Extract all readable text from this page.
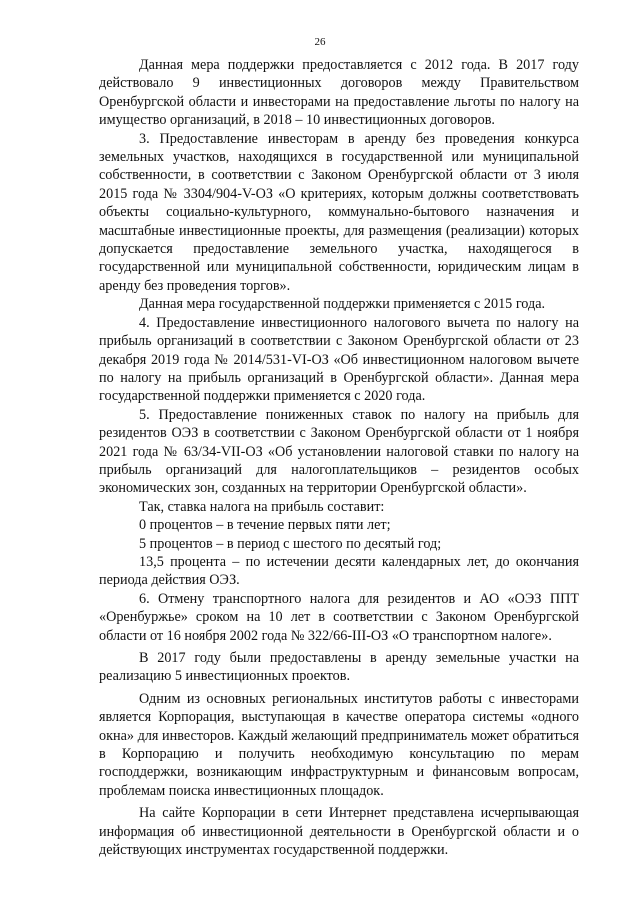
26

Данная мера поддержки предоставляется с 2012 года. В 2017 году действовало 9 инвестиционных договоров между Правительством Оренбургской области и инвесторами на предоставление льготы по налогу на имущество организаций, в 2018 – 10 инвестиционных договоров.

3. Предоставление инвесторам в аренду без проведения конкурса земельных участков, находящихся в государственной или муниципальной собственности, в соответствии с Законом Оренбургской области от 3 июля 2015 года № 3304/904-V-ОЗ «О критериях, которым должны соответствовать объекты социально-культурного, коммунально-бытового назначения и масштабные инвестиционные проекты, для размещения (реализации) которых допускается предоставление земельного участка, находящегося в государственной или муниципальной собственности, юридическим лицам в аренду без проведения торгов».

Данная мера государственной поддержки применяется с 2015 года.

4. Предоставление инвестиционного налогового вычета по налогу на прибыль организаций в соответствии с Законом Оренбургской области от 23 декабря 2019 года № 2014/531-VI-ОЗ «Об инвестиционном налоговом вычете по налогу на прибыль организаций в Оренбургской области». Данная мера государственной поддержки применяется с 2020 года.

5. Предоставление пониженных ставок по налогу на прибыль для резидентов ОЭЗ в соответствии с Законом Оренбургской области от 1 ноября 2021 года № 63/34-VII-ОЗ «Об установлении налоговой ставки по налогу на прибыль организаций для налогоплательщиков – резидентов особых экономических зон, созданных на территории Оренбургской области».

Так, ставка налога на прибыль составит:

0 процентов – в течение первых пяти лет;

5 процентов – в период с шестого по десятый год;

13,5 процента – по истечении десяти календарных лет, до окончания периода действия ОЭЗ.

6. Отмену транспортного налога для резидентов и АО «ОЭЗ ППТ «Оренбуржье» сроком на 10 лет в соответствии с Законом Оренбургской области от 16 ноября 2002 года № 322/66-III-ОЗ «О транспортном налоге».

В 2017 году были предоставлены в аренду земельные участки на реализацию 5 инвестиционных проектов.

Одним из основных региональных институтов работы с инвесторами является Корпорация, выступающая в качестве оператора системы «одного окна» для инвесторов. Каждый желающий предприниматель может обратиться в Корпорацию и получить необходимую консультацию по мерам господдержки, возникающим инфраструктурным и финансовым вопросам, проблемам поиска инвестиционных площадок.

На сайте Корпорации в сети Интернет представлена исчерпывающая информация об инвестиционной деятельности в Оренбургской области и о действующих инструментах государственной поддержки.
